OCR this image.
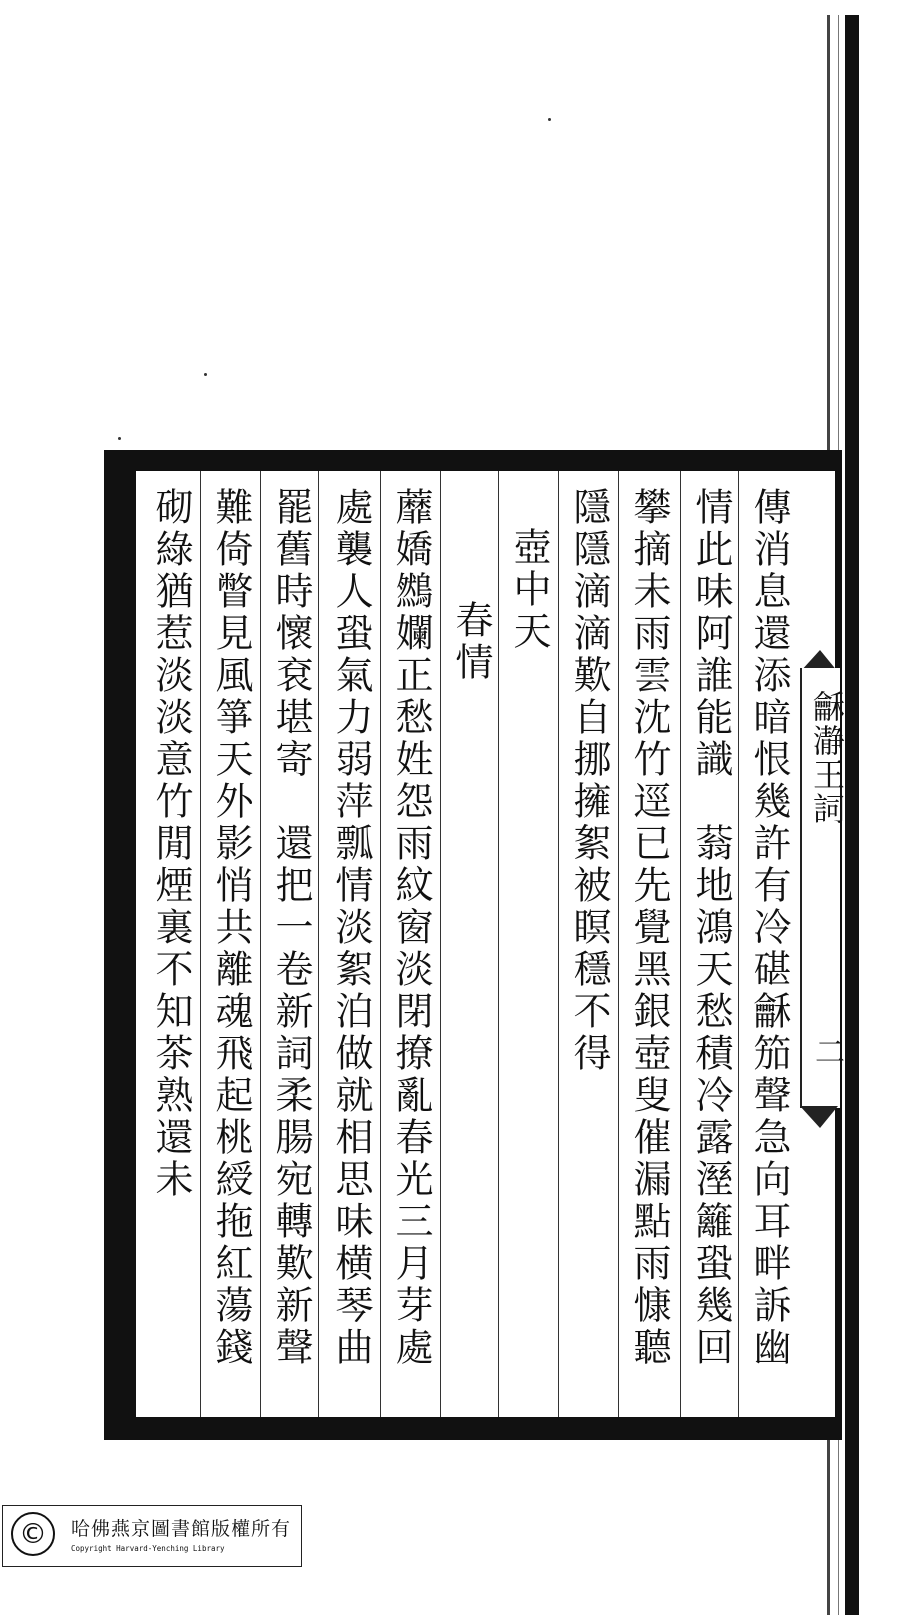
傳消息還添暗恨幾許有冷碪龢笳聲急向耳畔訴幽
情此味阿誰能識　蓊地鴻天愁積冷露溼籬蛩幾回
攀摘未雨雲沈竹逕已先覺黑銀壺叟催漏點雨慷聽
隱隱滴滴歎自挪擁絮被瞑穩不得
壺中天
春情
蘼嬌䳿孄正愁姓怨雨紋窗淡閉撩亂春光三月芽處
處襲人蛩氣力弱萍瓢情淡絮泊做就相思味横琴曲
罷舊時懷袞堪寄　還把一卷新詞柔腸宛轉歎新聲
難倚瞥見風箏天外影悄共離魂飛起桃綬拖紅蕩錢
砌綠猶惹淡淡意竹閒煙裏不知茶熟還未	龢瀞王詞
二
©	哈佛燕京圖書館版權所有
Copyright Harvard-Yenching Library
